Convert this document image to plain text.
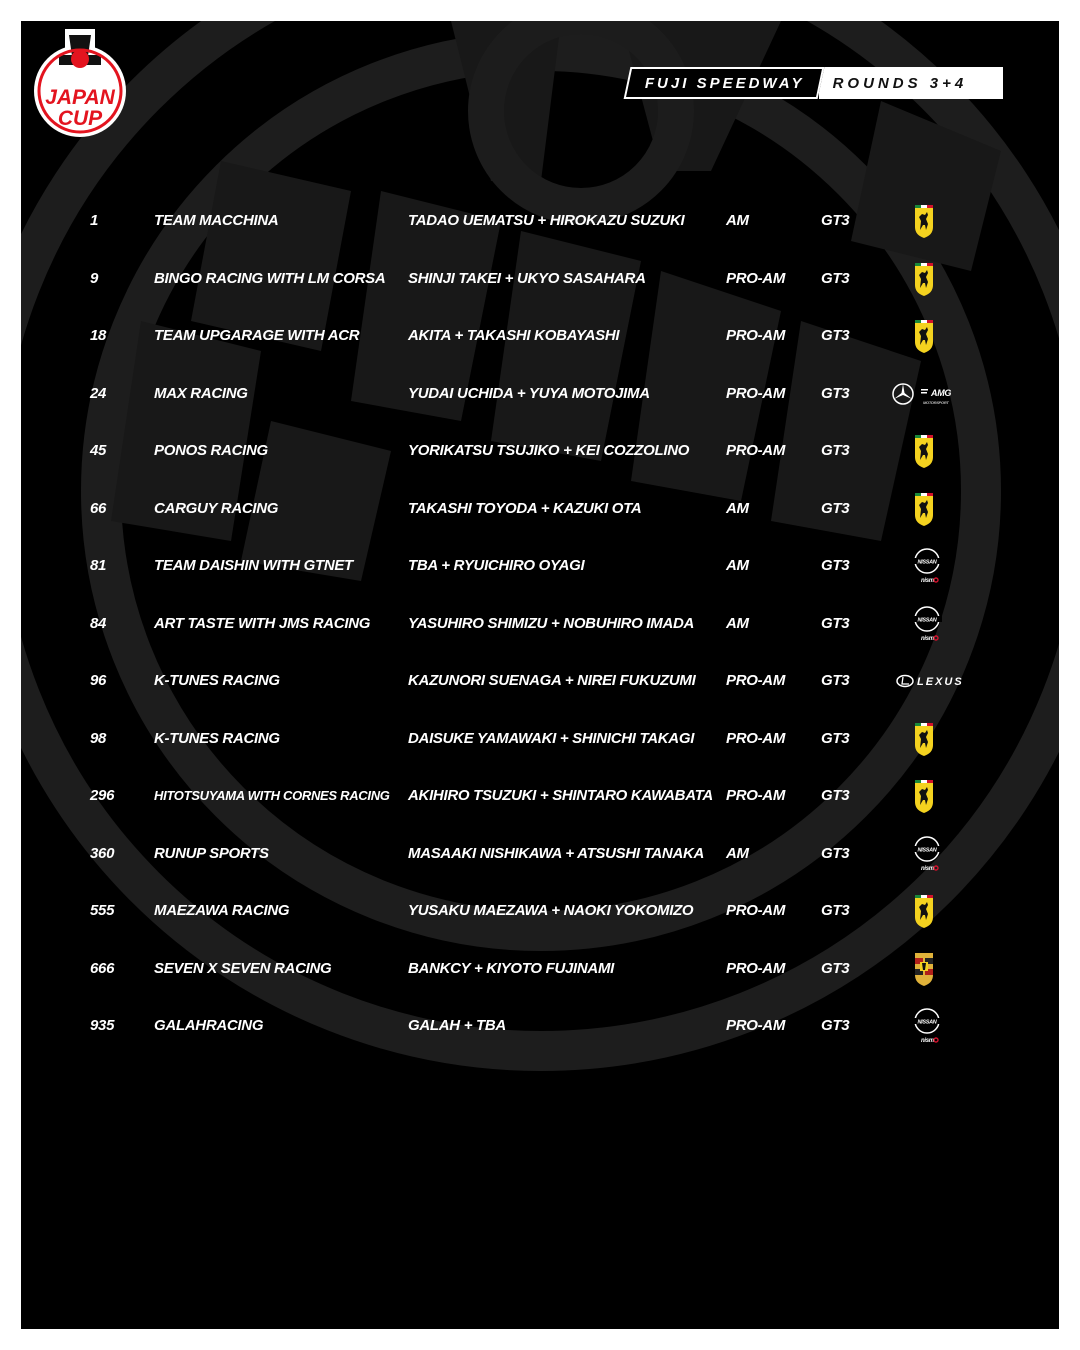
JAPAN
CUP
FUJI SPEEDWAY	ROUNDS 3+4
1	TEAM MACCHINA	TADAO UEMATSU + HIROKAZU SUZUKI	AM	GT3
9	BINGO RACING WITH LM CORSA	SHINJI TAKEI + UKYO SASAHARA	PRO-AM	GT3
18	TEAM UPGARAGE WITH ACR	AKITA + TAKASHI KOBAYASHI	PRO-AM	GT3
24	MAX RACING	YUDAI UCHIDA + YUYA MOTOJIMA	PRO-AM	GT3	AMG
MOTORSPORT
45	PONOS RACING	YORIKATSU TSUJIKO + KEI COZZOLINO	PRO-AM	GT3
66	CARGUY RACING	TAKASHI TOYODA + KAZUKI OTA	AM	GT3
81	TEAM DAISHIN WITH GTNET	TBA + RYUICHIRO OYAGI	AM	GT3	NISSAN
nism
84	ART TASTE WITH JMS RACING	YASUHIRO SHIMIZU + NOBUHIRO IMADA	AM	GT3	NISSAN
nism
96	K-TUNES RACING	KAZUNORI SUENAGA + NIREI FUKUZUMI	PRO-AM	GT3	LEXUS
98	K-TUNES RACING	DAISUKE YAMAWAKI + SHINICHI TAKAGI	PRO-AM	GT3
296	HITOTSUYAMA WITH CORNES RACING	AKIHIRO TSUZUKI + SHINTARO KAWABATA PRO-AM	GT3
360	RUNUP SPORTS	MASAAKI NISHIKAWA + ATSUSHI TANAKA	AM	GT3	NISSAN
nism
555	MAEZAWA RACING	YUSAKU MAEZAWA + NAOKI YOKOMIZO	PRO-AM	GT3
666	SEVEN X SEVEN RACING	BANKCY + KIYOTO FUJINAMI	PRO-AM	GT3
935	GALAHRACING	GALAH + TBA	PRO-AM	GT3	NISSAN
nism
